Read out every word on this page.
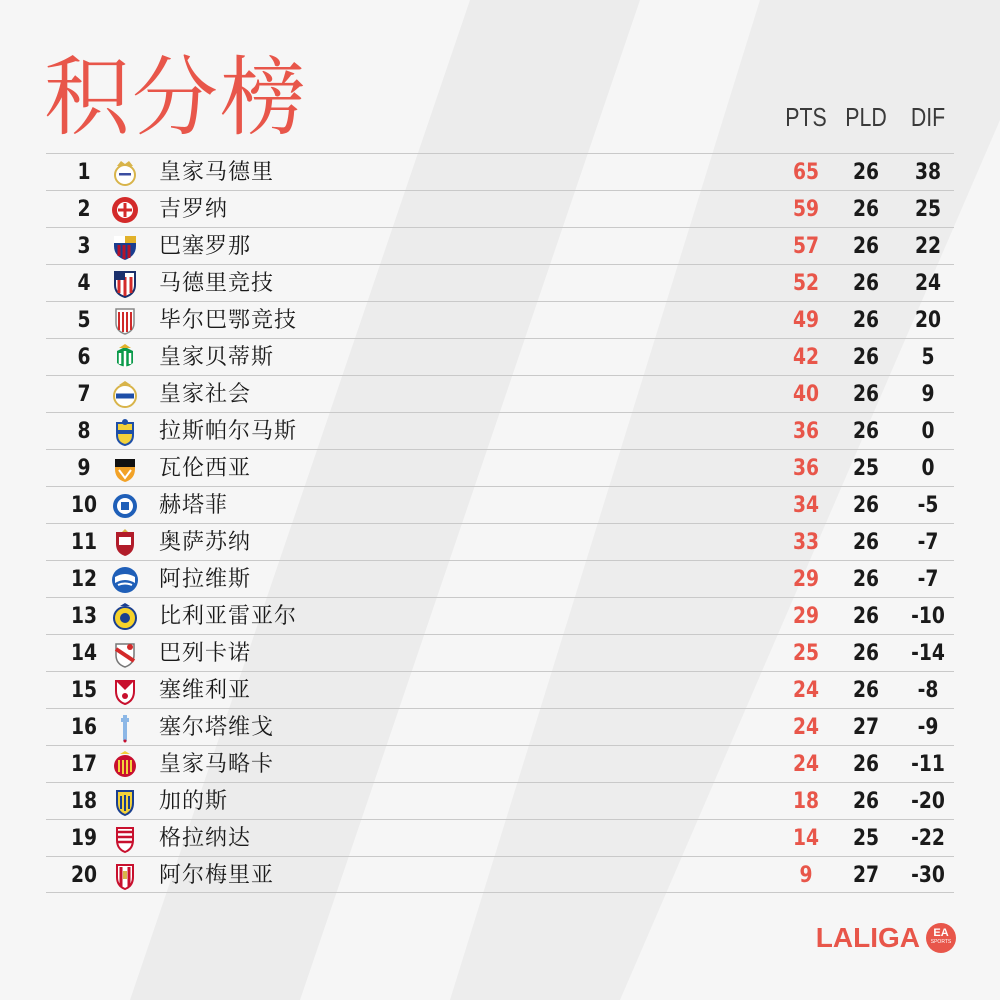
积分榜	PTS PLD DIF
1	皇家马德里	65	26	38
2	吉罗纳	59	26	25
3	巴塞罗那	57	26	22
4	马德里竞技	52	26	24
5	毕尔巴鄂竞技	49	26	20
6	皇家贝蒂斯	42	26	5
7	皇家社会	40	26	9
8	拉斯帕尔马斯	36	26	0
9	瓦伦西亚	36	25	0
10	赫塔菲	34	26	-5
11	奥萨苏纳	33	26	-7
12	阿拉维斯	29	26	-7
13	比利亚雷亚尔	29	26	-10
14	巴列卡诺	25	26	-14
15	塞维利亚	24	26	-8
16	塞尔塔维戈	24	27	-9
17	皇家马略卡	24	26	-11
18	加的斯	18	26	-20
19	格拉纳达	14	25	-22
20	阿尔梅里亚	9	27	-30
LALIGA EA
SPORTS
